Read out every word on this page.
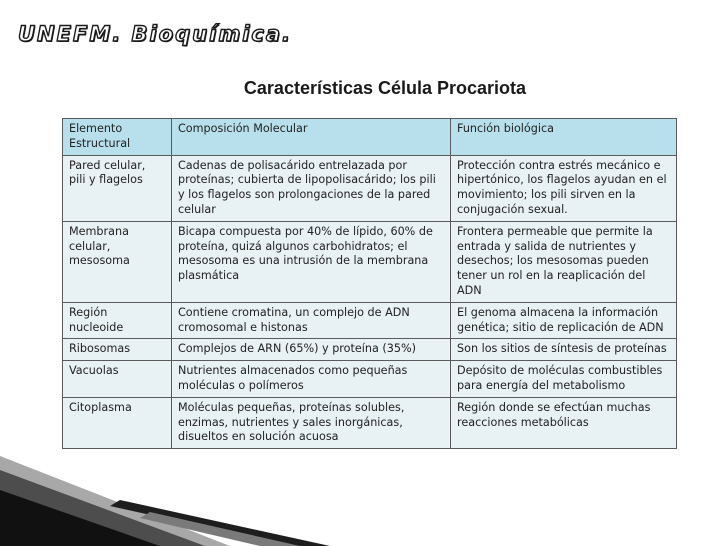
UNEFM. Bioquímica.
Características Célula Procariota
Elemento Estructural	Composición Molecular	Función biológica
Pared celular, pili y flagelos	Cadenas de polisacárido entrelazada por proteínas; cubierta de lipopolisacárido; los pili y los flagelos son prolongaciones de la pared celular	Protección contra estrés mecánico e hipertónico, los flagelos ayudan en el movimiento; los pili sirven en la conjugación sexual.
Membrana celular, mesosoma	Bicapa compuesta por 40% de lípido, 60% de proteína, quizá algunos carbohidratos; el mesosoma es una intrusión de la membrana plasmática	Frontera permeable que permite la entrada y salida de nutrientes y desechos; los mesosomas pueden tener un rol en la reaplicación del ADN
Región nucleoide	Contiene cromatina, un complejo de ADN cromosomal e histonas	El genoma almacena la información genética; sitio de replicación de ADN
Ribosomas	Complejos de ARN (65%) y proteína (35%)	Son los sitios de síntesis de proteínas
Vacuolas	Nutrientes almacenados como pequeñas moléculas o polímeros	Depósito de moléculas combustibles para energía del metabolismo
Citoplasma	Moléculas pequeñas, proteínas solubles, enzimas, nutrientes y sales inorgánicas, disueltos en solución acuosa	Región donde se efectúan muchas reacciones metabólicas
